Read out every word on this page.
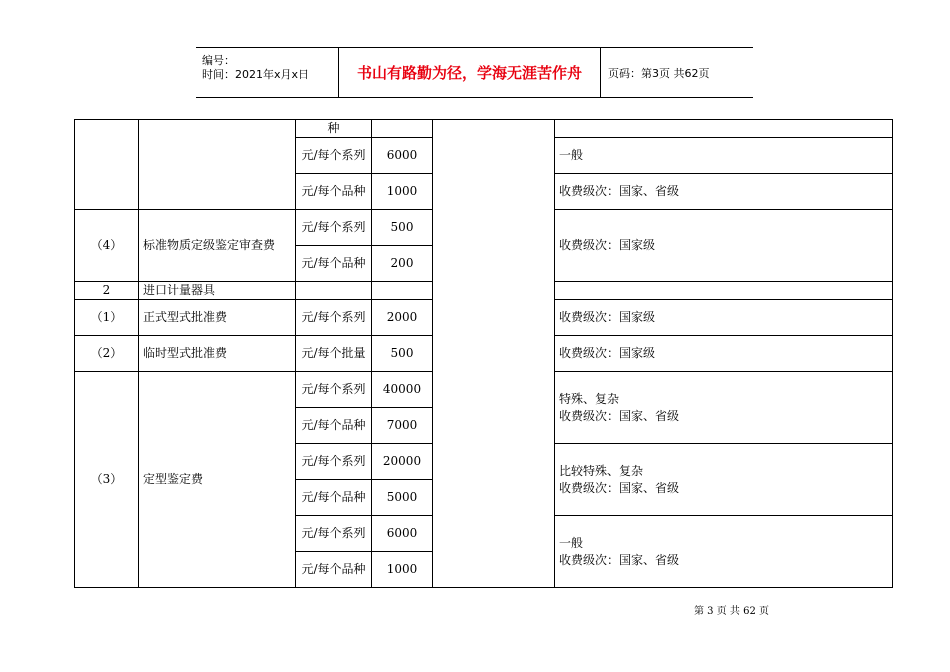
编号：
时间：2021年x月x日	书山有路勤为径，学海无涯苦作舟	页码：第3页 共62页
		种			
		元/每个系列	6000		一般
		元/每个品种	1000		收费级次：国家、省级
（4）	标准物质定级鉴定审查费	元/每个系列	500		收费级次：国家级
		元/每个品种	200		
2	进口计量器具				
（1）	正式型式批准费	元/每个系列	2000		收费级次：国家级
（2）	临时型式批准费	元/每个批量	500		收费级次：国家级
（3）	定型鉴定费	元/每个系列	40000		特殊、复杂
收费级次：国家、省级
		元/每个品种	7000		
		元/每个系列	20000		比较特殊、复杂
收费级次：国家、省级
		元/每个品种	5000		
		元/每个系列	6000		一般
收费级次：国家、省级
		元/每个品种	1000		
第 3 页 共 62 页
